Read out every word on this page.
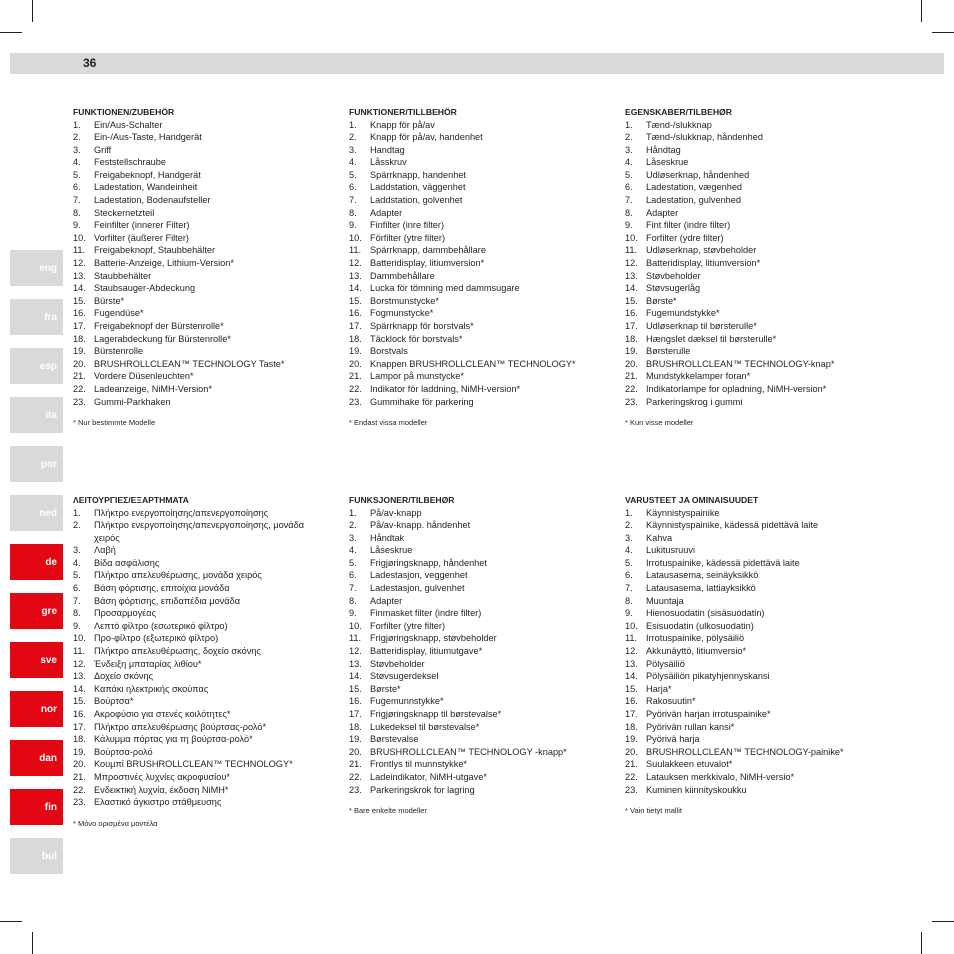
36
eng
fra
esp
ita
por
ned
de
gre
sve
nor
dan
fin
bul
FUNKTIONEN/ZUBEHÖR
1.	Ein/Aus-Schalter
2.	Ein-/Aus-Taste, Handgerät
3.	Griff
4.	Feststellschraube
5.	Freigabeknopf, Handgerät
6.	Ladestation, Wandeinheit
7.	Ladestation, Bodenaufsteller
8.	Steckernetzteil
9.	Feinfilter (innerer Filter)
10. Vorfilter (äußerer Filter)
11. Freigabeknopf, Staubbehälter
12. Batterie-Anzeige, Lithium-Version*
13. Staubbehälter
14. Staubsauger-Abdeckung
15. Bürste*
16. Fugendüse*
17. Freigabeknopf der Bürstenrolle*
18. Lagerabdeckung für Bürstenrolle*
19. Bürstenrolle
20. BRUSHROLLCLEAN™ TECHNOLOGY Taste*
21. Vordere Düsenleuchten*
22. Ladeanzeige, NiMH-Version*
23. Gummi-Parkhaken
* Nur bestimmte Modelle
FUNKTIONER/TILLBEHÖR
1.	Knapp för på/av
2.	Knapp för på/av, handenhet
3.	Handtag
4.	Låsskruv
5.	Spärrknapp, handenhet
6.	Laddstation, väggenhet
7.	Laddstation, golvenhet
8.	Adapter
9.	Finfilter (inre filter)
10. Förfilter (ytre filter)
11. Spärrknapp, dammbehållare
12. Batteridisplay, litiumversion*
13. Dammbehållare
14. Lucka för tömning med dammsugare
15. Borstmunstycke*
16. Fogmunstycke*
17. Spärrknapp för borstvals*
18. Täcklock för borstvals*
19. Borstvals
20. Knappen BRUSHROLLCLEAN™ TECHNOLOGY*
21. Lampor på munstycke*
22. Indikator för laddning, NiMH-version*
23. Gummihake för parkering
* Endast vissa modeller
EGENSKABER/TILBEHØR
1.	Tænd-/slukknap
2.	Tænd-/slukknap, håndenhed
3.	Håndtag
4.	Låseskrue
5.	Udløserknap, håndenhed
6.	Ladestation, vægenhed
7.	Ladestation, gulvenhed
8.	Adapter
9.	Fint filter (indre filter)
10. Forfilter (ydre filter)
11. Udløserknap, støvbeholder
12. Batteridisplay, litiumversion*
13. Støvbeholder
14. Støvsugerlåg
15. Børste*
16. Fugemundstykke*
17. Udløserknap til børsterulle*
18. Hængslet dæksel til børsterulle*
19. Børsterulle
20. BRUSHROLLCLEAN™ TECHNOLOGY-knap*
21. Mundstykkelamper foran*
22. Indikatorlampe for opladning, NiMH-version*
23. Parkeringskrog i gummi
* Kun visse modeller
ΛΕΙΤΟΥΡΓΙΕΣ/ΕΞΑΡΤΗΜΑΤΑ
1.	Πλήκτρο ενεργοποίησης/απενεργοποίησης
2.	Πλήκτρο ενεργοποίησης/απενεργοποίησης, μονάδα χειρός
3.	Λαβή
4.	Βίδα ασφάλισης
5.	Πλήκτρο απελευθέρωσης, μονάδα χειρός
6.	Βάση φόρτισης, επιτοίχια μονάδα
7.	Βάση φόρτισης, επιδαπέδια μονάδα
8.	Προσαρμογέας
9.	Λεπτό φίλτρο (εσωτερικό φίλτρο)
10. Προ-φίλτρο (εξωτερικό φίλτρο)
11. Πλήκτρο απελευθέρωσης, δοχείο σκόνης
12. Ένδειξη μπαταρίας λιθίου*
13. Δοχείο σκόνης
14. Καπάκι ηλεκτρικής σκούπας
15. Βούρτσα*
16. Ακροφύσιο για στενές κοιλότητες*
17. Πλήκτρο απελευθέρωσης βούρτσας-ρολό*
18. Κάλυμμα πόρτας για τη βούρτσα-ρολό*
19. Βούρτσα-ρολό
20. Κουμπί BRUSHROLLCLEAN™ TECHNOLOGY*
21. Μπροστινές λυχνίες ακροφυσίου*
22. Ενδεικτική λυχνία, έκδοση NiMH*
23. Ελαστικό άγκιστρο στάθμευσης
* Μόνο ορισμένα μοντέλα
FUNKSJONER/TILBEHØR
1.	På/av-knapp
2.	På/av-knapp. håndenhet
3.	Håndtak
4.	Låseskrue
5.	Frigjøringsknapp, håndenhet
6.	Ladestasjon, veggenhet
7.	Ladestasjon, gulvenhet
8.	Adapter
9.	Finmasket filter (indre filter)
10. Forfilter (ytre filter)
11. Frigjøringsknapp, støvbeholder
12. Batteridisplay, litiumutgave*
13. Støvbeholder
14. Støvsugerdeksel
15. Børste*
16. Fugemunnstykke*
17. Frigjøringsknapp til børstevalse*
18. Lukedeksel til børstevalse*
19. Børstevalse
20. BRUSHROLLCLEAN™ TECHNOLOGY -knapp*
21. Frontlys til munnstykke*
22. Ladeindikator, NiMH-utgave*
23. Parkeringskrok for lagring
* Bare enkelte modeller
VARUSTEET JA OMINAISUUDET
1.	Käynnistyspainike
2.	Käynnistyspainike, kädessä pidettävä laite
3.	Kahva
4.	Lukitusruuvi
5.	Irrotuspainike, kädessä pidettävä laite
6.	Latausasema, seinäyksikkö
7.	Latausasema, lattiayksikkö
8.	Muuntaja
9.	Hienosuodatin (sisäsuodatin)
10. Esisuodatin (ulkosuodatin)
11. Irrotuspainike, pölysäiliö
12. Akkunäyttö, litiumversio*
13. Pölysäiliö
14. Pölysäiliön pikatyhjennyskansi
15. Harja*
16. Rakosuutin*
17. Pyörivän harjan irrotuspainike*
18. Pyörivän rullan kansi*
19. Pyörivä harja
20. BRUSHROLLCLEAN™ TECHNOLOGY-painike*
21. Suulakkeen etuvalot*
22. Latauksen merkkivalo, NiMH-versio*
23. Kuminen kiinnityskoukku
* Vain tietyt mallit
